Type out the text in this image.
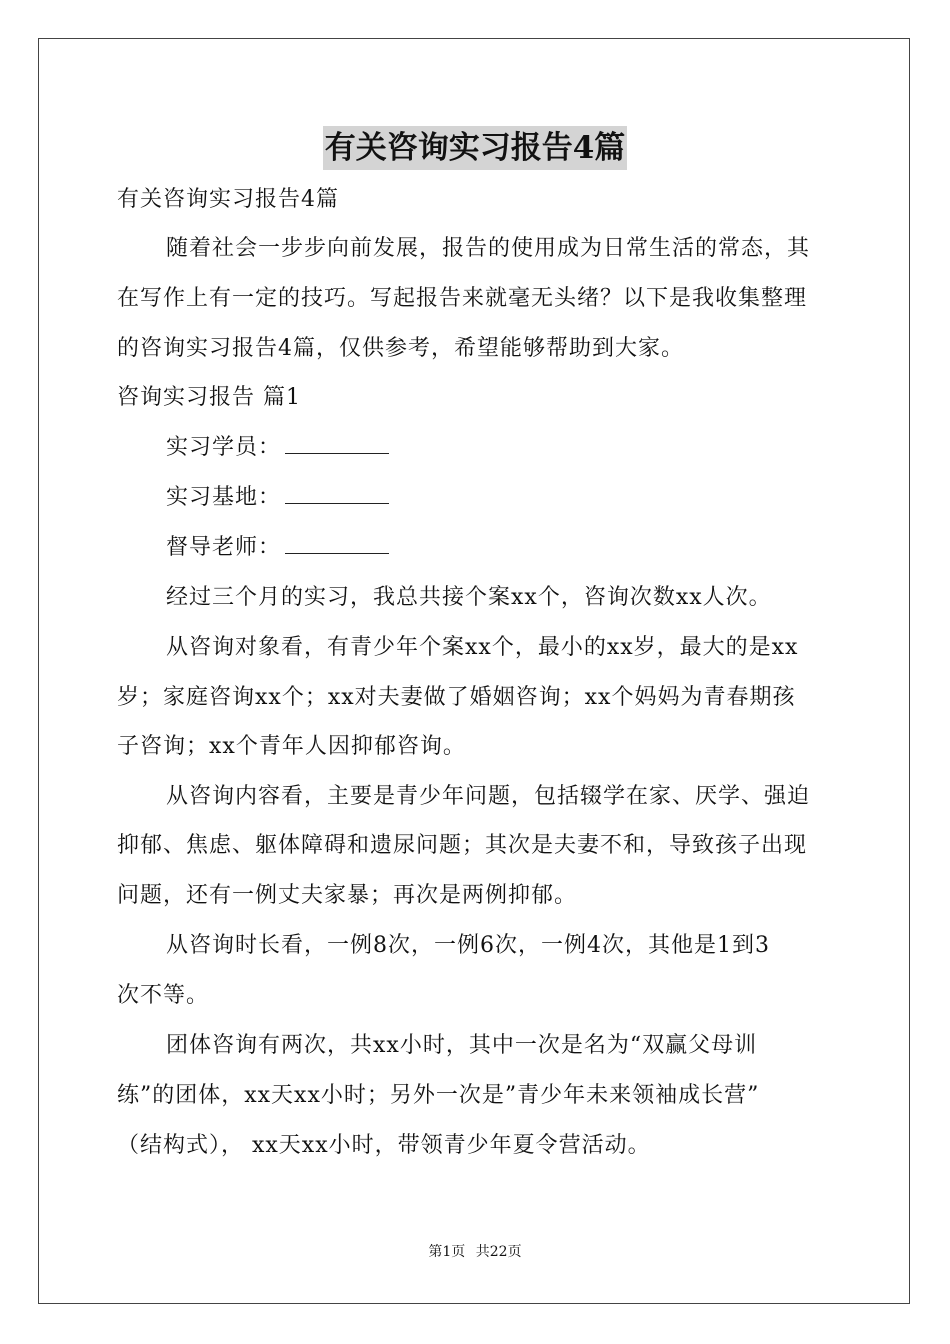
有关咨询实习报告4篇
有关咨询实习报告4篇
随着社会一步步向前发展，报告的使用成为日常生活的常态，其
在写作上有一定的技巧。写起报告来就毫无头绪？以下是我收集整理
的咨询实习报告4篇，仅供参考，希望能够帮助到大家。
咨询实习报告 篇1
实习学员：
实习基地：
督导老师：
经过三个月的实习，我总共接个案xx个，咨询次数xx人次。
从咨询对象看，有青少年个案xx个，最小的xx岁，最大的是xx
岁；家庭咨询xx个；xx对夫妻做了婚姻咨询；xx个妈妈为青春期孩
子咨询；xx个青年人因抑郁咨询。
从咨询内容看，主要是青少年问题，包括辍学在家、厌学、强迫
抑郁、焦虑、躯体障碍和遗尿问题；其次是夫妻不和，导致孩子出现
问题，还有一例丈夫家暴；再次是两例抑郁。
从咨询时长看，一例8次，一例6次，一例4次，其他是1到3
次不等。
团体咨询有两次，共xx小时，其中一次是名为“双赢父母训
练”的团体，xx天xx小时；另外一次是”青少年未来领袖成长营”
（结构式）， xx天xx小时，带领青少年夏令营活动。
第1页 共22页
